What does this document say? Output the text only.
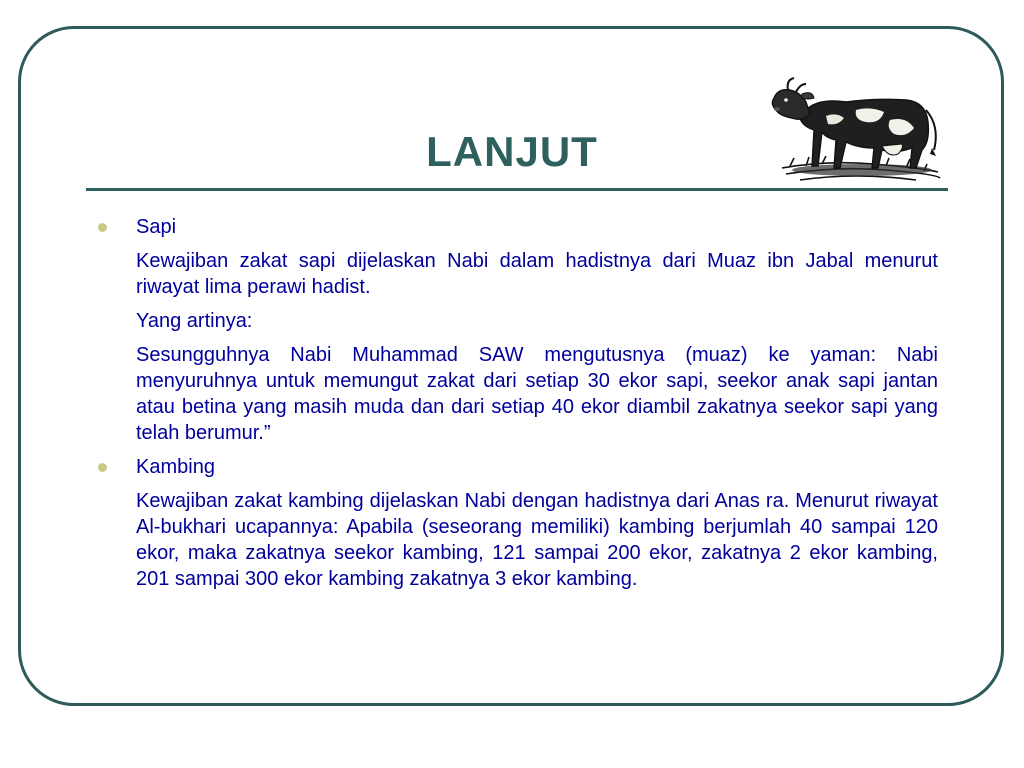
LANJUT
Sapi

Kewajiban zakat sapi dijelaskan Nabi dalam hadistnya dari Muaz ibn Jabal menurut riwayat lima perawi hadist.

Yang artinya:

Sesungguhnya Nabi Muhammad SAW mengutusnya (muaz) ke yaman: Nabi menyuruhnya untuk memungut zakat dari setiap 30 ekor sapi, seekor anak sapi jantan atau betina yang masih muda dan dari setiap 40 ekor diambil zakatnya seekor sapi yang telah berumur.”

Kambing

Kewajiban zakat kambing dijelaskan Nabi dengan hadistnya dari Anas ra. Menurut riwayat Al-bukhari ucapannya: Apabila (seseorang memiliki) kambing berjumlah 40 sampai 120 ekor, maka zakatnya seekor kambing, 121 sampai 200 ekor, zakatnya 2 ekor kambing, 201 sampai 300 ekor kambing zakatnya 3 ekor kambing.
